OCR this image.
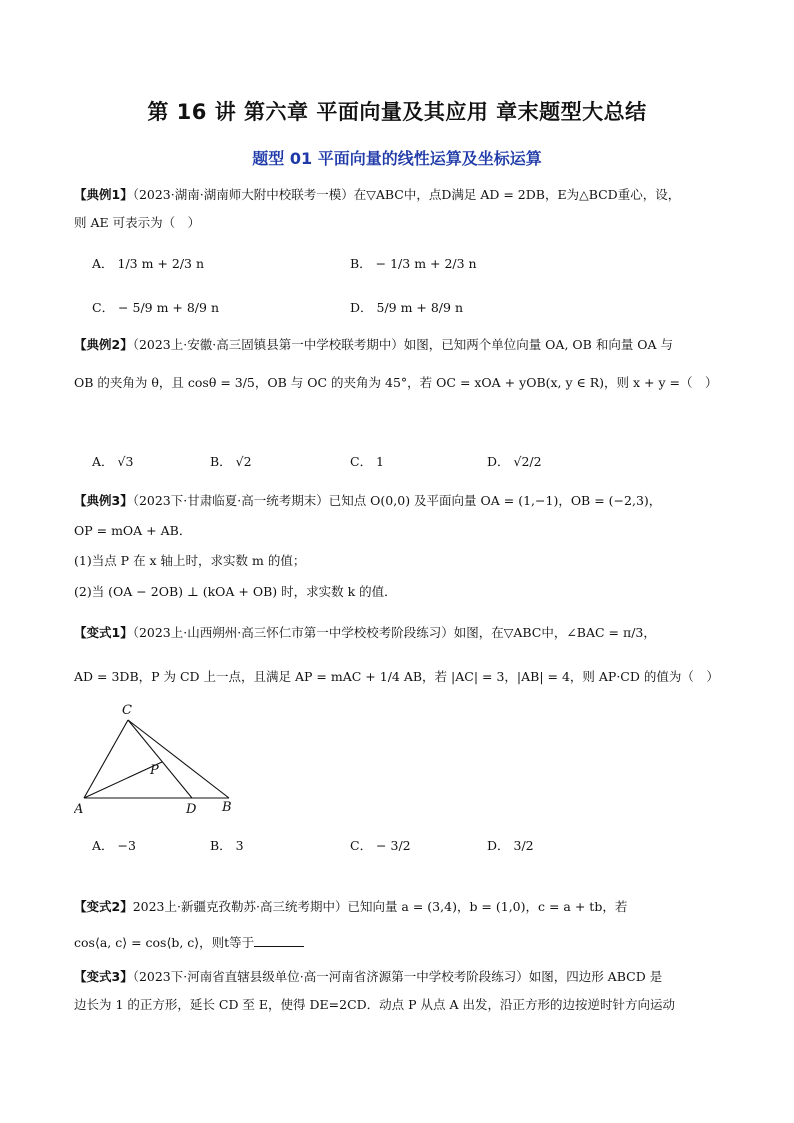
第 16 讲 第六章 平面向量及其应用 章末题型大总结
题型 01 平面向量的线性运算及坐标运算
【典例1】（2023·湖南·湖南师大附中校联考一模）在▽ABC中，点D满足 AD = 2DB，E为△BCD重心，设，
则 AE 可表示为（　）
A． 1/3 m + 2/3 n	B． − 1/3 m + 2/3 n
C． − 5/9 m + 8/9 n	D． 5/9 m + 8/9 n
【典例2】（2023上·安徽·高三固镇县第一中学校联考期中）如图，已知两个单位向量 OA, OB 和向量 OA 与
OB 的夹角为 θ，且 cosθ = 3/5，OB 与 OC 的夹角为 45°，若 OC = xOA + yOB(x, y ∈ R)，则 x + y =（　）
A． √3	B． √2	C． 1	D． √2/2
【典例3】（2023下·甘肃临夏·高一统考期末）已知点 O(0,0) 及平面向量 OA = (1,−1)，OB = (−2,3)，
OP = mOA + AB．
(1)当点 P 在 x 轴上时，求实数 m 的值；
(2)当 (OA − 2OB) ⊥ (kOA + OB) 时，求实数 k 的值．
【变式1】（2023上·山西朔州·高三怀仁市第一中学校校考阶段练习）如图，在▽ABC中，∠BAC = π/3，
AD = 3DB，P 为 CD 上一点，且满足 AP = mAC + 1/4 AB，若 |AC| = 3，|AB| = 4，则 AP·CD 的值为（　）
C
P
A	D B
A． −3	B． 3	C． − 3/2	D． 3/2
【变式2】2023上·新疆克孜勒苏·高三统考期中）已知向量 a = (3,4)，b = (1,0)，c = a + tb，若
cos⟨a, c⟩ = cos⟨b, c⟩，则t等于
【变式3】（2023下·河南省直辖县级单位·高一河南省济源第一中学校考阶段练习）如图，四边形 ABCD 是
边长为 1 的正方形，延长 CD 至 E，使得 DE=2CD．动点 P 从点 A 出发，沿正方形的边按逆时针方向运动
